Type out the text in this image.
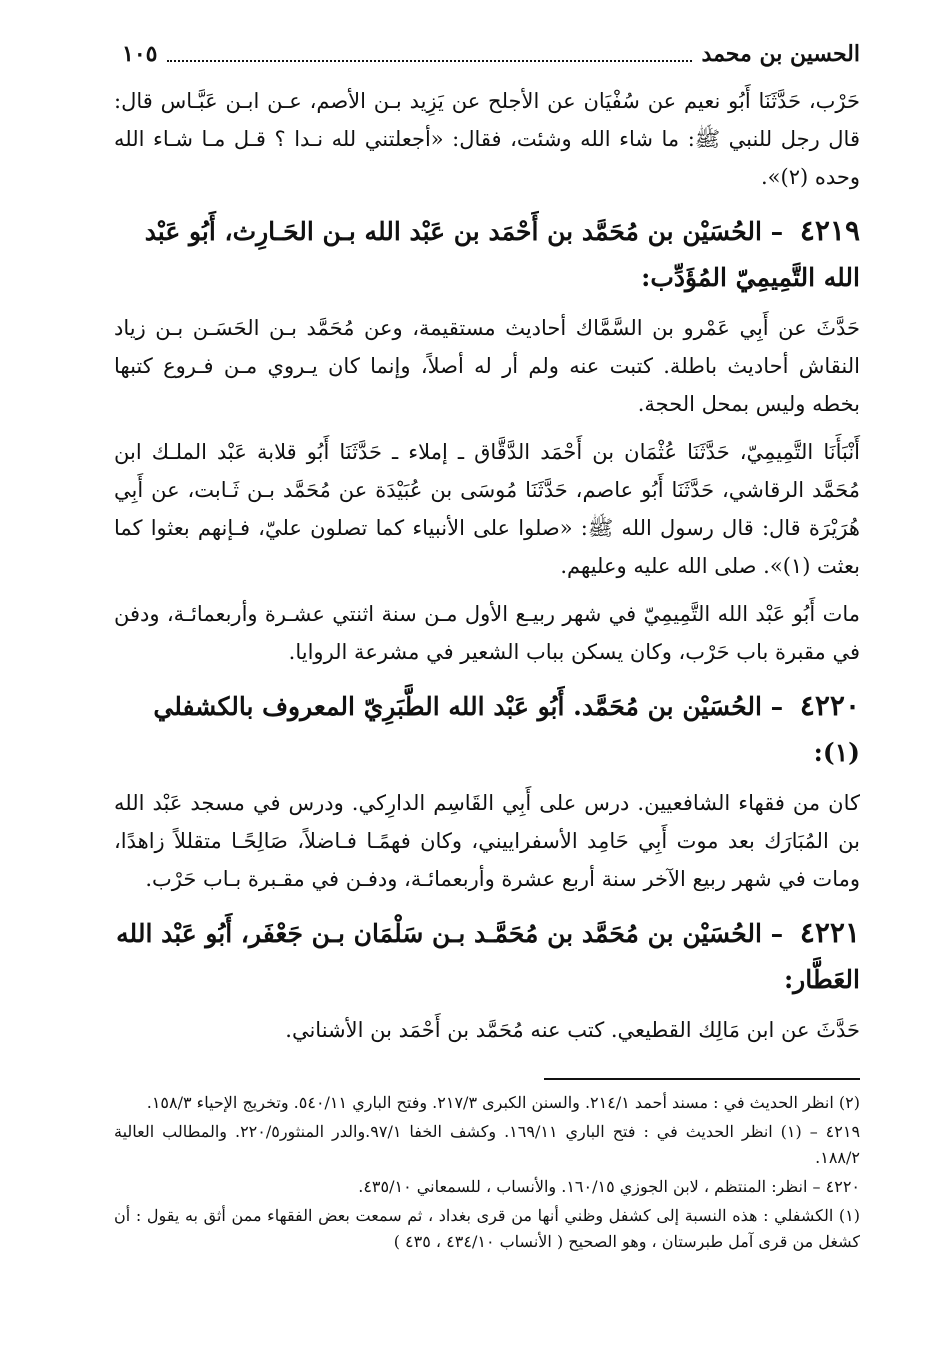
الحسين بن محمد
١٠٥

حَرْب، حَدَّثَنَا أَبُو نعيم عن سُفْيَان عن الأجلح عن يَزِيد بـن الأصم، عـن ابـن عَبَّـاس قال: قال رجل للنبي ﷺ: ما شاء الله وشئت، فقال: «أجعلتني لله نـدا ؟ قـل مـا شـاء الله وحده (٢)».

٤٢١٩ – الحُسَيْن بن مُحَمَّد بن أَحْمَد بن عَبْد الله بـن الحَـارِث، أَبُو عَبْد الله التَّمِيمِيّ المُؤَدِّب:

حَدَّثَ عن أَبِي عَمْرو بن السَّمَّاك أحاديث مستقيمة، وعن مُحَمَّد بـن الحَسَـن بـن زياد النقاش أحاديث باطلة. كتبت عنه ولم أر له أصلاً، وإنما كان يـروي مـن فـروع كتبها بخطه وليس بمحل الحجة.

أَنْبَأَنَا التَّمِيمِيّ، حَدَّثَنَا عُثْمَان بن أَحْمَد الدَّقَّاق ـ إملاء ـ حَدَّثَنَا أَبُو قلابة عَبْد الملـك ابن مُحَمَّد الرقاشي، حَدَّثَنَا أَبُو عاصم، حَدَّثَنَا مُوسَى بن عُبَيْدَة عن مُحَمَّد بـن ثَـابت، عن أَبِي هُرَيْرَة قال: قال رسول الله ﷺ: «صلوا على الأنبياء كما تصلون عليّ، فـإنهم بعثوا كما بعثت (١)». صلى الله عليه وعليهم.

مات أَبُو عَبْد الله التَّمِيمِيّ في شهر ربيـع الأول مـن سنة اثنتي عشـرة وأربعمائـة، ودفن في مقبرة باب حَرْب، وكان يسكن بباب الشعير في مشرعة الروايا.

٤٢٢٠ – الحُسَيْن بن مُحَمَّد. أَبُو عَبْد الله الطَّبَرِيّ المعروف بالكشفلي (١):

كان من فقهاء الشافعيين. درس على أَبِي القَاسِم الدارِكي. ودرس في مسجد عَبْد الله بن المُبَارَك بعد موت أَبِي حَامِد الأسفراييني، وكان فهمًـا فـاضلاً، صَالِحًـا متقللاً زاهدًا، ومات في شهر ربيع الآخر سنة أربع عشرة وأربعمائـة، ودفـن في مقـبرة بـاب حَرْب.

٤٢٢١ – الحُسَيْن بن مُحَمَّد بن مُحَمَّـد بـن سَلْمَان بـن جَعْفَر، أَبُو عَبْد الله العَطَّار:

حَدَّثَ عن ابن مَالِك القطيعي. كتب عنه مُحَمَّد بن أَحْمَد بن الأشناني.

(٢) انظر الحديث في : مسند أحمد ٢١٤/١. والسنن الكبرى ٢١٧/٣. وفتح الباري ٥٤٠/١١. وتخريج الإحياء ١٥٨/٣.

٤٢١٩ – (١) انظر الحديث في : فتح الباري ١٦٩/١١. وكشف الخفا ٩٧/١.والدر المنثور٢٢٠/٥. والمطالب العالية ١٨٨/٢.

٤٢٢٠ – انظر: المنتظم ، لابن الجوزي ١٦٠/١٥. والأنساب ، للسمعاني ٤٣٥/١٠.

(١) الكشفلي : هذه النسبة إلى كشفل وظني أنها من قرى بغداد ، ثم سمعت بعض الفقهاء ممن أثق به يقول : أن كشغل من قرى آمل طبرستان ، وهو الصحيح ( الأنساب ٤٣٤/١٠ ، ٤٣٥ )
